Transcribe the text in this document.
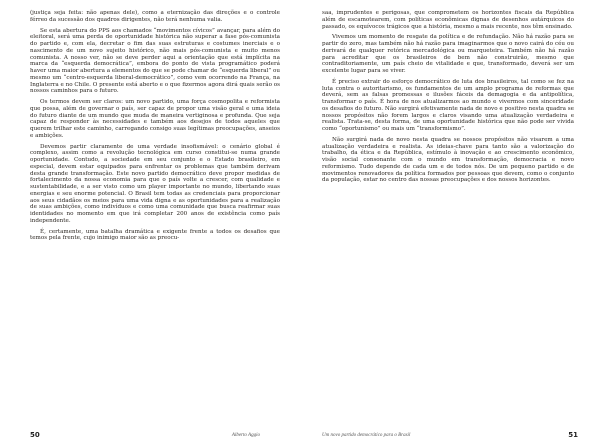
(justiça seja feita: não apenas dele), como a eternização das direções e o controle férreo da sucessão dos quadros dirigentes, não terá nenhuma valia.

Se esta abertura do PPS aos chamados “movimentos cívicos” avançar, para além do eleitoral, será uma perda de oportunidade histórica não superar a fase pós-comunista do partido e, com ela, decretar o fim das suas estruturas e costumes inerciais e o nascimento de um novo sujeito histórico, não mais pós-comunista e muito menos comunista. A nosso ver, não se deve perder aqui a orientação que está implícita na marca da “esquerda democrática”, embora do ponto de vista programático poderá haver uma maior abertura a elementos do que se pode chamar de “esquerda liberal” ou mesmo um “centro-esquerda liberal-democrático”, como vem ocorrendo na França, na Inglaterra e no Chile. O presente está aberto e o que fizermos agora dirá quais serão os nossos caminhos para o futuro.

Os termos devem ser claros: um novo partido, uma força cosmopolita e reformista que possa, além de governar o país, ser capaz de propor uma visão geral e uma ideia do futuro diante de um mundo que muda de maneira vertiginosa e profunda. Que seja capaz de responder às necessidades e também aos desejos de todos aqueles que querem trilhar este caminho, carregando consigo suas legítimas preocupações, anseios e ambições.

Devemos partir claramente de uma verdade insofismável: o cenário global é complexo, assim como a revolução tecnológica em curso constitui-se numa grande oportunidade. Contudo, a sociedade em seu conjunto e o Estado brasileiro, em especial, devem estar equipados para enfrentar os problemas que também derivam desta grande transformação. Este novo partido democrático deve propor medidas de fortalecimento da nossa economia para que o país volte a crescer, com qualidade e sustentabilidade, e a ser visto como um player importante no mundo, libertando suas energias e seu enorme potencial. O Brasil tem todas as credenciais para proporcionar aos seus cidadãos os meios para uma vida digna e as oportunidades para a realização de suas ambições, como indivíduos e como uma comunidade que busca reafirmar suas identidades no momento em que irá completar 200 anos de existência como país independente.

É, certamente, uma batalha dramática e exigente frente a todos os desafios que temos pela frente, cujo inimigo maior são as preocu-

50	Alberto Aggio

saa, imprudentes e perigosas, que comprometem os horizontes fiscais da República além de escamotearem, com políticas econômicas dignas de desenhos autárquicos do passado, os equívocos trágicos que a história, mesmo a mais recente, nos têm ensinado.

Vivemos um momento de resgate da política e de refundação. Não há razão para se partir do zero, mas também não há razão para imaginarmos que o novo cairá do céu ou derivará de qualquer retórica mercadológica ou marqueteira. Também não há razão para acreditar que os brasileiros de bem não construirão, mesmo que contraditoriamente, um país cheio de vitalidade e que, transformado, deverá ser um excelente lugar para se viver.

É preciso extrair do esforço democrático de luta dos brasileiros, tal como se fez na luta contra o autoritarismo, os fundamentos de um amplo programa de reformas que deverá, sem as falsas promessas e ilusões fáceis da demagogia e da antipolítica, transformar o país. É hora de nos atualizarmos ao mundo e vivermos com sinceridade os desafios do futuro. Não surgirá efetivamente nada de novo e positivo nesta quadra se nossos propósitos não forem largos e claros visando uma atualização verdadeira e realista. Trata-se, desta forma, de uma oportunidade histórica que não pode ser vivida como “oportunismo” ou mais um “transformismo”.

Não surgirá nada de novo nesta quadra se nossos propósitos não visarem a uma atualização verdadeira e realista. As ideias-chave para tanto são a valorização do trabalho, da ética e da República, estímulo à inovação e ao crescimento econômico, visão social consonante com o mundo em transformação, democracia e novo reformismo. Tudo depende de cada um e de todos nós. De um pequeno partido e de movimentos renovadores da política formados por pessoas que devem, como o conjunto da população, estar no centro das nossas preocupações e dos nossos horizontes.

Um novo partido democrático para o Brasil	51
